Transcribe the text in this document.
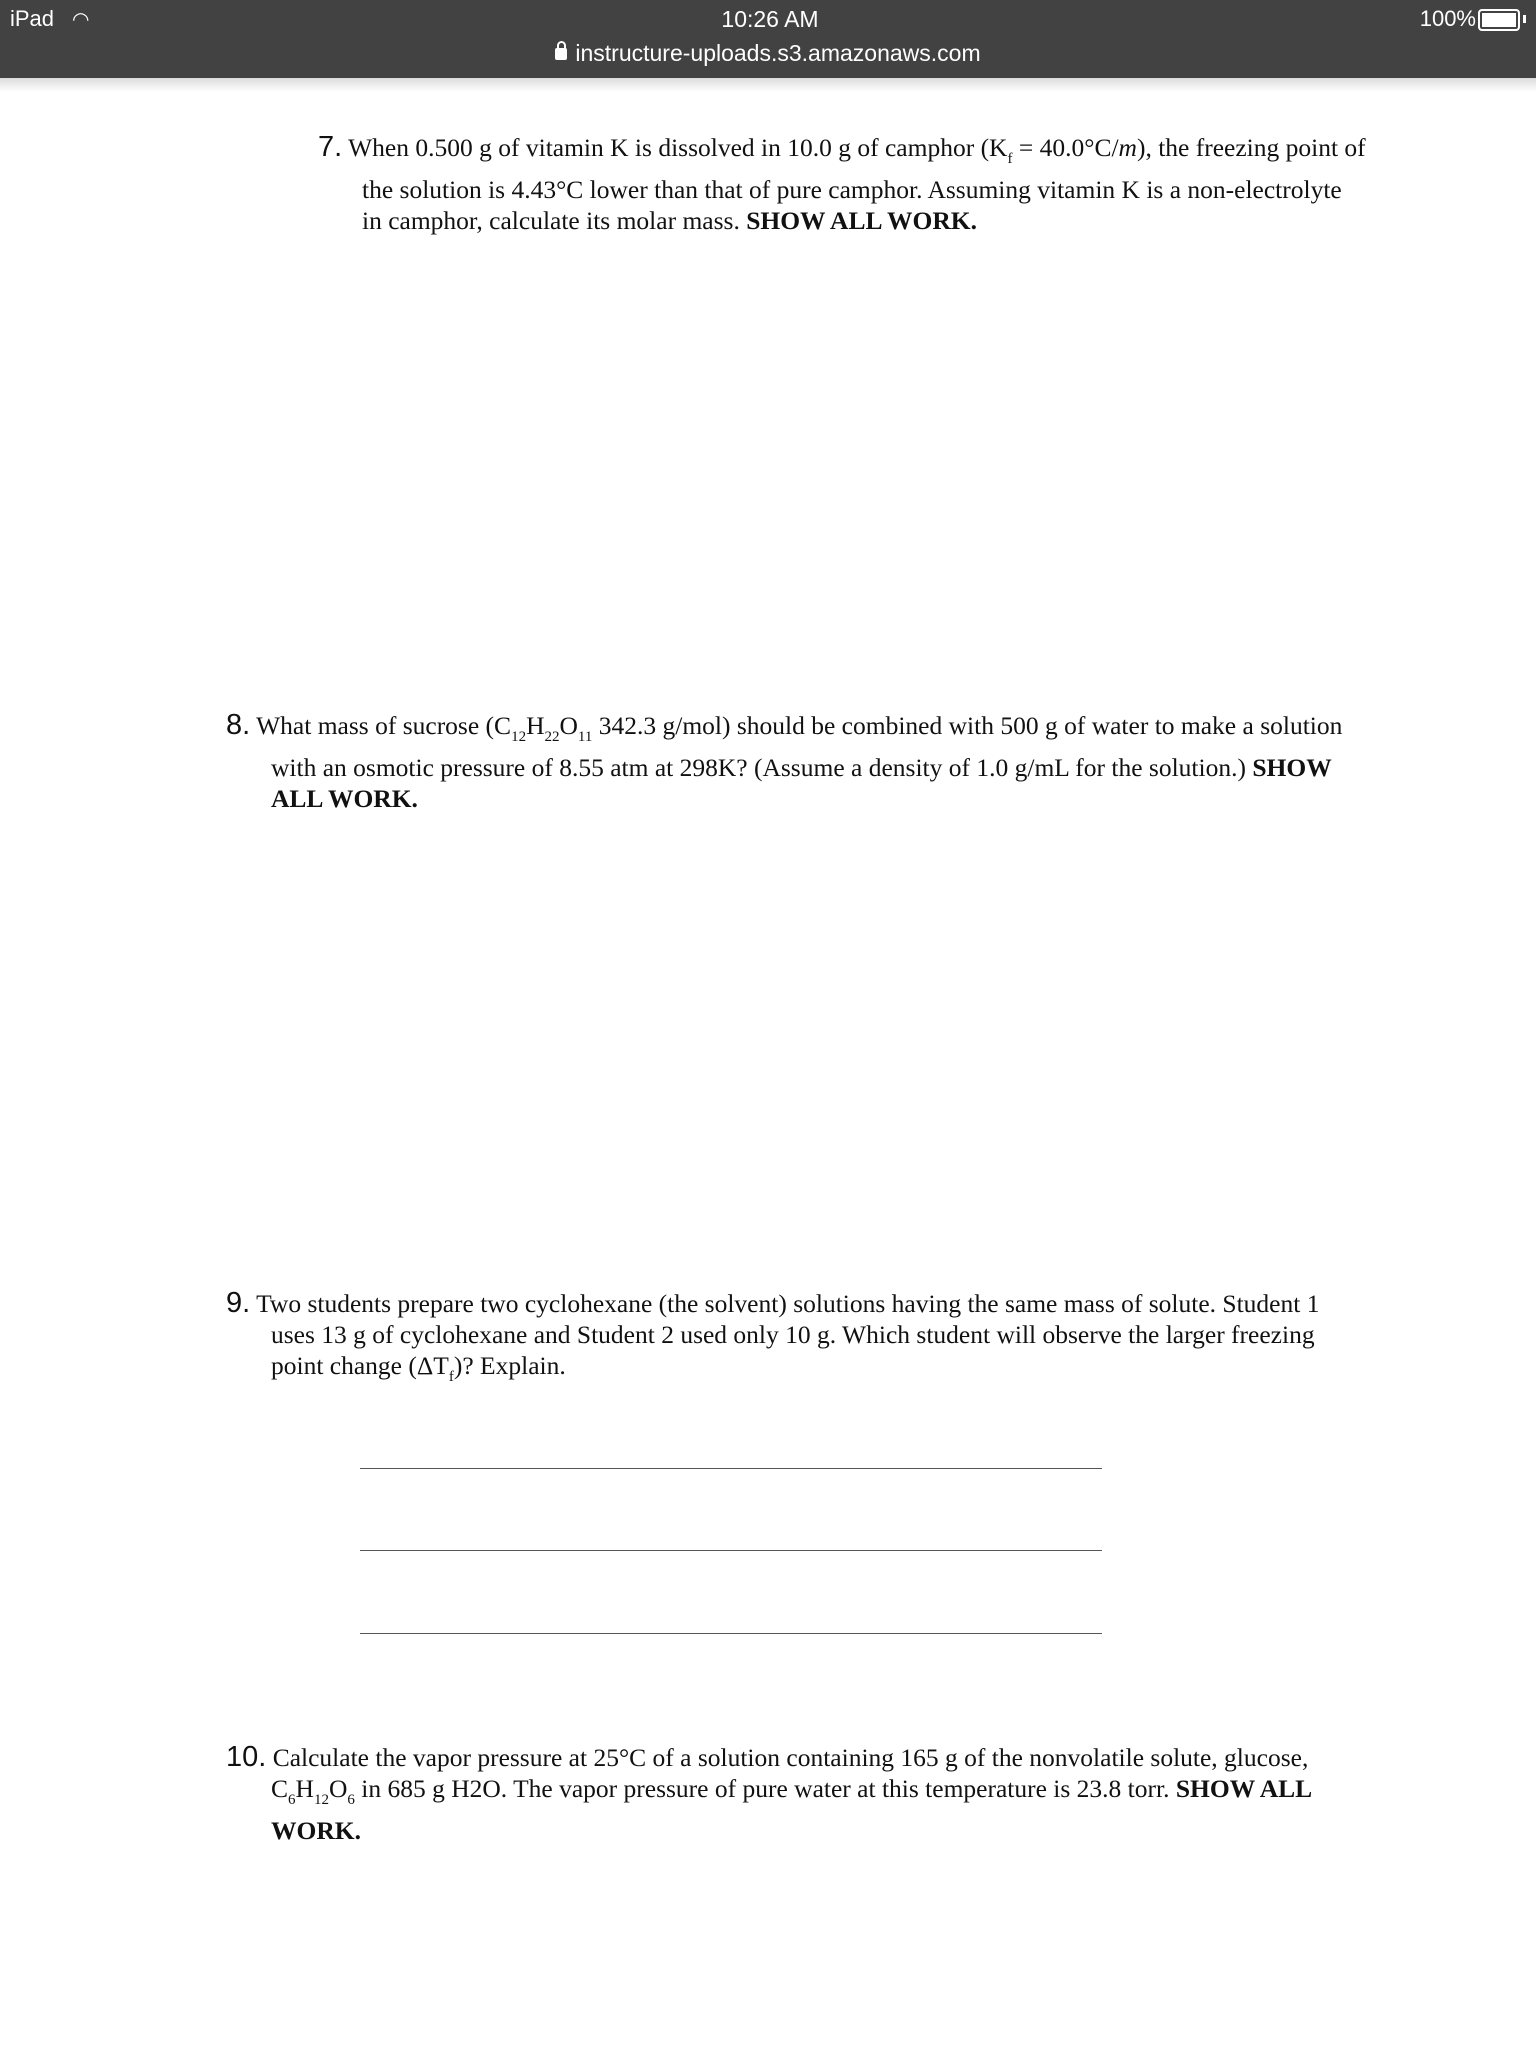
iPad ◠	10:26 AM	100%
instructure-uploads.s3.amazonaws.com
7. When 0.500 g of vitamin K is dissolved in 10.0 g of camphor $(K_f = 40.0^\circ C/m)$, the freezing point of
the solution is 4.43°C lower than that of pure camphor. Assuming vitamin K is a non-electrolyte
in camphor, calculate its molar mass. SHOW ALL WORK.
8. What mass of sucrose ($C_{12}H_{22}O_{11}$ 342.3 g/mol) should be combined with 500 g of water to make a solution
with an osmotic pressure of 8.55 atm at 298K? (Assume a density of 1.0 g/mL for the solution.) SHOW
ALL WORK.
9. Two students prepare two cyclohexane (the solvent) solutions having the same mass of solute. Student 1
uses 13 g of cyclohexane and Student 2 used only 10 g. Which student will observe the larger freezing
point change $(\Delta T_f)$? Explain.
10. Calculate the vapor pressure at 25°C of a solution containing 165 g of the nonvolatile solute, glucose,
$C_6H_{12}O_6$ in 685 g H2O. The vapor pressure of pure water at this temperature is 23.8 torr. SHOW ALL
WORK.
